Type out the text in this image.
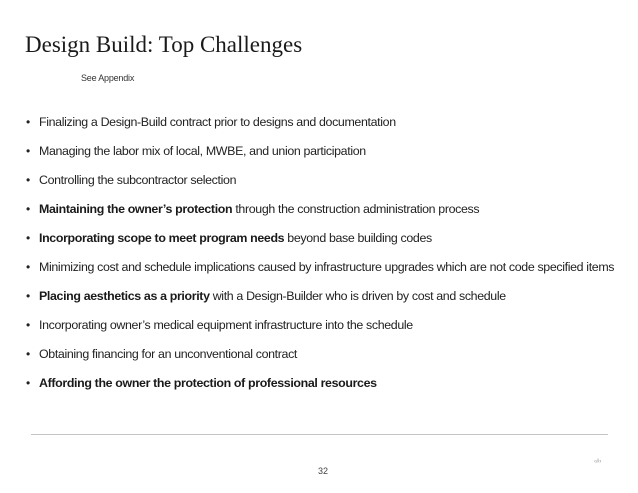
Design Build: Top Challenges
See Appendix
• Finalizing a Design-Build contract prior to designs and documentation
• Managing the labor mix of local, MWBE, and union participation
• Controlling the subcontractor selection
• Maintaining the owner’s protection through the construction administration process
• Incorporating scope to meet program needs beyond base building codes
• Minimizing cost and schedule implications caused by infrastructure upgrades which are not code specified items
• Placing aesthetics as a priority with a Design-Builder who is driven by cost and schedule
• Incorporating owner’s medical equipment infrastructure into the schedule
• Obtaining financing for an unconventional contract
• Affording the owner the protection of professional resources
‹#›
32
